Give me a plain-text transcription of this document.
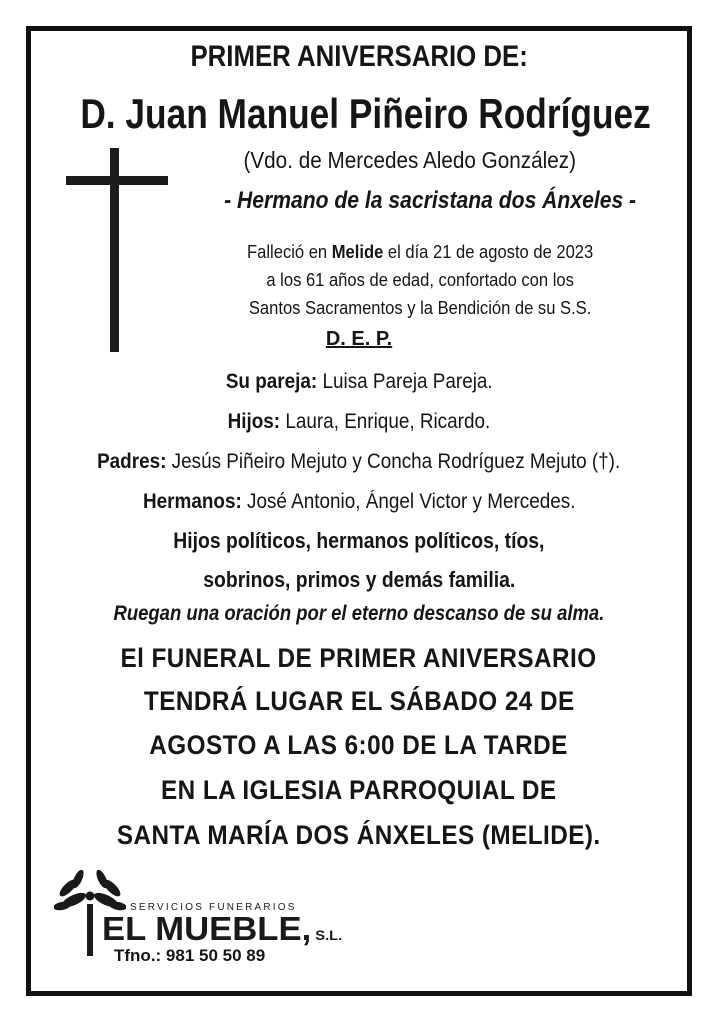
PRIMER ANIVERSARIO DE:
D. Juan Manuel Piñeiro Rodríguez
(Vdo. de Mercedes Aledo González)
- Hermano de la sacristana dos Ánxeles -
Falleció en Melide el día 21 de agosto de 2023
a los 61 años de edad, confortado con los
Santos Sacramentos y la Bendición de su S.S.
D. E. P.
Su pareja: Luisa Pareja Pareja.
Hijos: Laura, Enrique, Ricardo.
Padres: Jesús Piñeiro Mejuto y Concha Rodríguez Mejuto (†).
Hermanos: José Antonio, Ángel Victor y Mercedes.
Hijos políticos, hermanos políticos, tíos,
sobrinos, primos y demás familia.
Ruegan una oración por el eterno descanso de su alma.
El FUNERAL DE PRIMER ANIVERSARIO
TENDRÁ LUGAR EL SÁBADO 24 DE
AGOSTO A LAS 6:00 DE LA TARDE
EN LA IGLESIA PARROQUIAL DE
SANTA MARÍA DOS ÁNXELES (MELIDE).
SERVICIOS FUNERARIOS
EL MUEBLE, S.L.
Tfno.: 981 50 50 89
